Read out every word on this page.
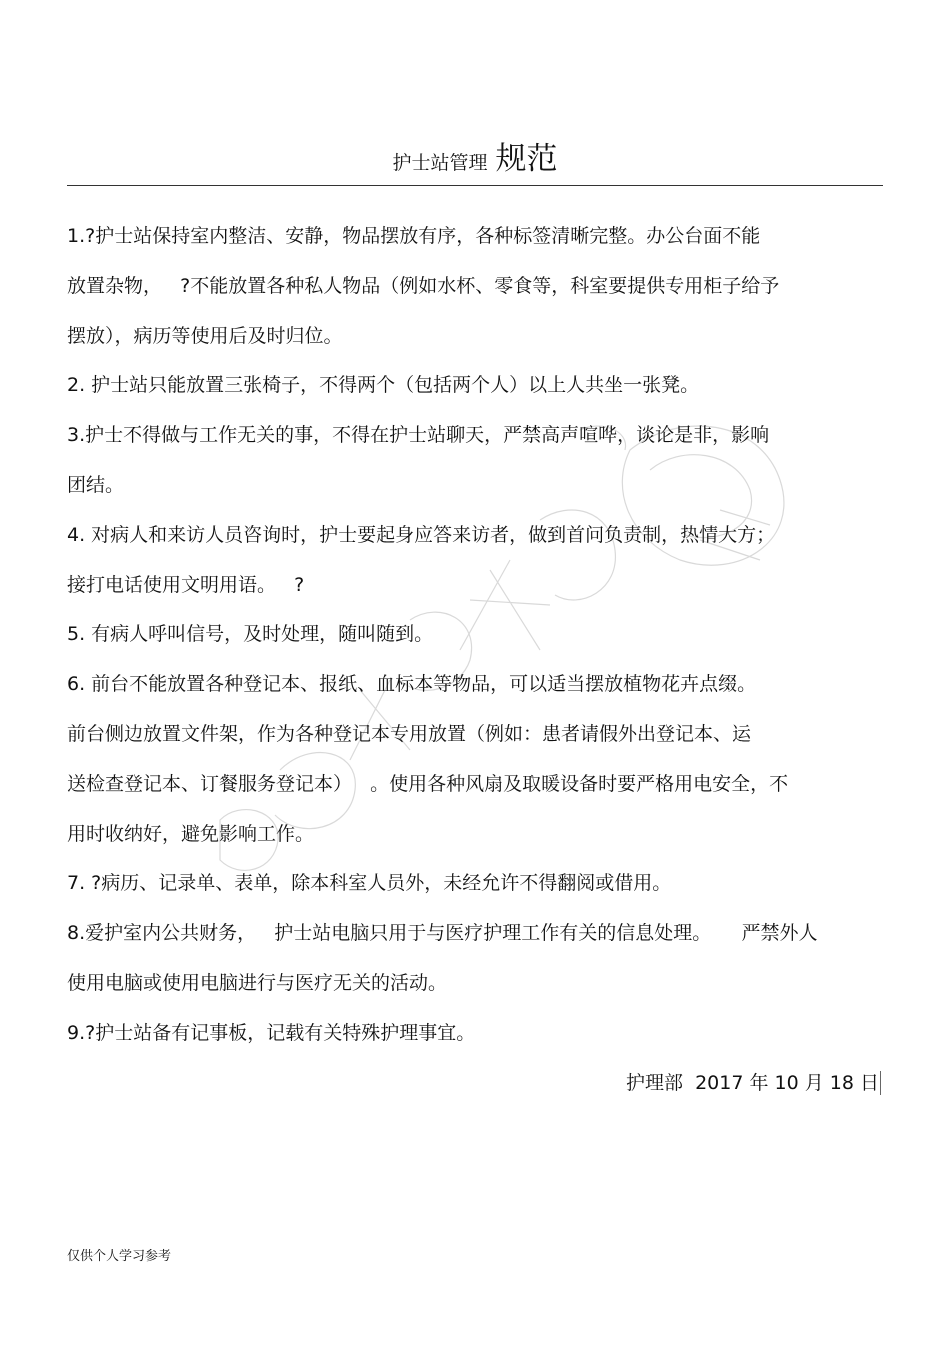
护士站管理 规范
1.?护士站保持室内整洁、安静，物品摆放有序，各种标签清晰完整。办公台面不能
放置杂物，   ?不能放置各种私人物品（例如水杯、零食等，科室要提供专用柜子给予
摆放），病历等使用后及时归位。
2. 护士站只能放置三张椅子，不得两个（包括两个人）以上人共坐一张凳。
3.护士不得做与工作无关的事，不得在护士站聊天，严禁高声喧哗，谈论是非，影响
团结。
4. 对病人和来访人员咨询时，护士要起身应答来访者，做到首问负责制，热情大方；
接打电话使用文明用语。   ?
5. 有病人呼叫信号，及时处理，随叫随到。
6. 前台不能放置各种登记本、报纸、血标本等物品，可以适当摆放植物花卉点缀。
前台侧边放置文件架，作为各种登记本专用放置（例如：患者请假外出登记本、运
送检查登记本、订餐服务登记本）   。使用各种风扇及取暖设备时要严格用电安全，不
用时收纳好，避免影响工作。
7. ?病历、记录单、表单，除本科室人员外，未经允许不得翻阅或借用。
8.爱护室内公共财务，   护士站电脑只用于与医疗护理工作有关的信息处理。     严禁外人
使用电脑或使用电脑进行与医疗无关的活动。
9.?护士站备有记事板，记载有关特殊护理事宜。
护理部  2017 年 10 月 18 日
仅供个人学习参考
